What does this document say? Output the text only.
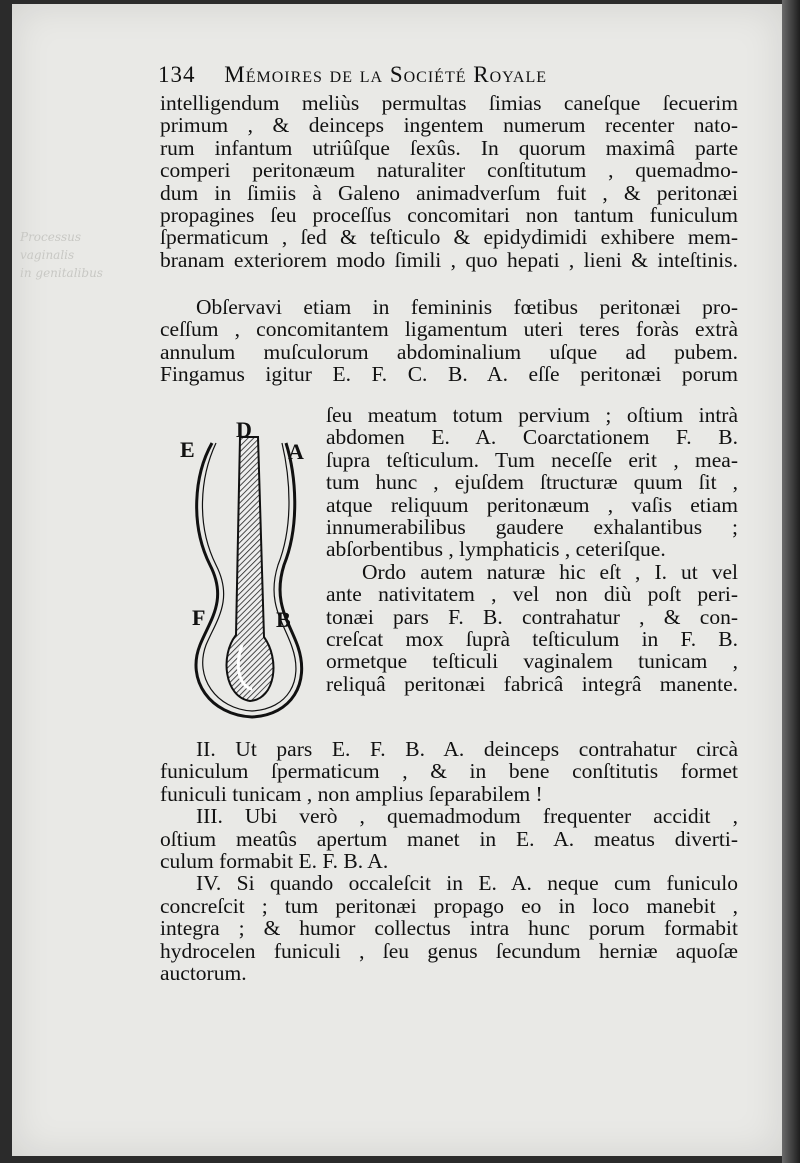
Processus vaginalis
in genitalibus
134 Mémoires de la Société Royale
intelligendum meliùs permultas ſimias caneſque ſecuerim
primum , & deinceps ingentem numerum recenter nato-
rum infantum utriûſque ſexûs. In quorum maximâ parte
comperi peritonæum naturaliter conſtitutum , quemadmo-
dum in ſimiis à Galeno animadverſum fuit , & peritonæi
propagines ſeu proceſſus concomitari non tantum funiculum
ſpermaticum , ſed & teſticulo & epidydimidi exhibere mem-
branam exteriorem modo ſimili , quo hepati , lieni & inteſtinis.
Obſervavi etiam in femininis fœtibus peritonæi pro-
ceſſum , concomitantem ligamentum uteri teres foràs extrà
annulum muſculorum abdominalium uſque ad pubem.
Fingamus igitur E. F. C. B. A. eſſe peritonæi porum
ſeu meatum totum pervium ; oſtium intrà
abdomen E. A. Coarctationem F. B.
ſupra teſticulum. Tum neceſſe erit , mea-
tum hunc , ejuſdem ſtructuræ quum ſit ,
atque reliquum peritonæum , vaſis etiam
innumerabilibus gaudere exhalantibus ;
abſorbentibus , lymphaticis , ceteriſque.
Ordo autem naturæ hic eſt , I. ut vel
ante nativitatem , vel non diù poſt peri-
tonæi pars F. B. contrahatur , & con-
creſcat mox ſuprà teſticulum in F. B.
ormetque teſticuli vaginalem tunicam ,
reliquâ peritonæi fabricâ integrâ manente.
II. Ut pars E. F. B. A. deinceps contrahatur circà
funiculum ſpermaticum , & in bene conſtitutis formet
funiculi tunicam , non amplius ſeparabilem !
III. Ubi verò , quemadmodum frequenter accidit ,
oſtium meatûs apertum manet in E. A. meatus diverti-
culum formabit E. F. B. A.
IV. Si quando occaleſcit in E. A. neque cum funiculo
concreſcit ; tum peritonæi propago eo in loco manebit ,
integra ; & humor collectus intra hunc porum formabit
hydrocelen funiculi , ſeu genus ſecundum herniæ aquoſæ
auctorum.
E
D
A
F	B
